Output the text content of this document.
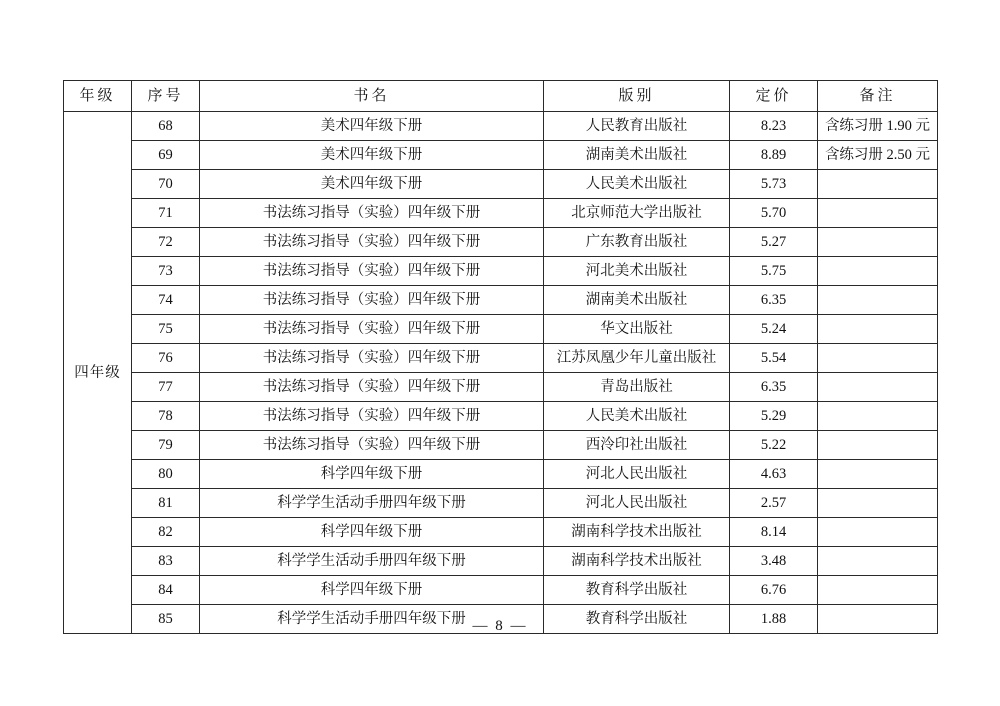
年级	序号	书名	版别	定价	备注
四年级	68	美术四年级下册	人民教育出版社	8.23	含练习册 1.90 元
	69	美术四年级下册	湖南美术出版社	8.89	含练习册 2.50 元
	70	美术四年级下册	人民美术出版社	5.73	
	71	书法练习指导（实验）四年级下册	北京师范大学出版社	5.70	
	72	书法练习指导（实验）四年级下册	广东教育出版社	5.27	
	73	书法练习指导（实验）四年级下册	河北美术出版社	5.75	
	74	书法练习指导（实验）四年级下册	湖南美术出版社	6.35	
	75	书法练习指导（实验）四年级下册	华文出版社	5.24	
	76	书法练习指导（实验）四年级下册	江苏凤凰少年儿童出版社	5.54	
	77	书法练习指导（实验）四年级下册	青岛出版社	6.35	
	78	书法练习指导（实验）四年级下册	人民美术出版社	5.29	
	79	书法练习指导（实验）四年级下册	西泠印社出版社	5.22	
	80	科学四年级下册	河北人民出版社	4.63	
	81	科学学生活动手册四年级下册	河北人民出版社	2.57	
	82	科学四年级下册	湖南科学技术出版社	8.14	
	83	科学学生活动手册四年级下册	湖南科学技术出版社	3.48	
	84	科学四年级下册	教育科学出版社	6.76	
	85	科学学生活动手册四年级下册	教育科学出版社	1.88	
— 8 —
